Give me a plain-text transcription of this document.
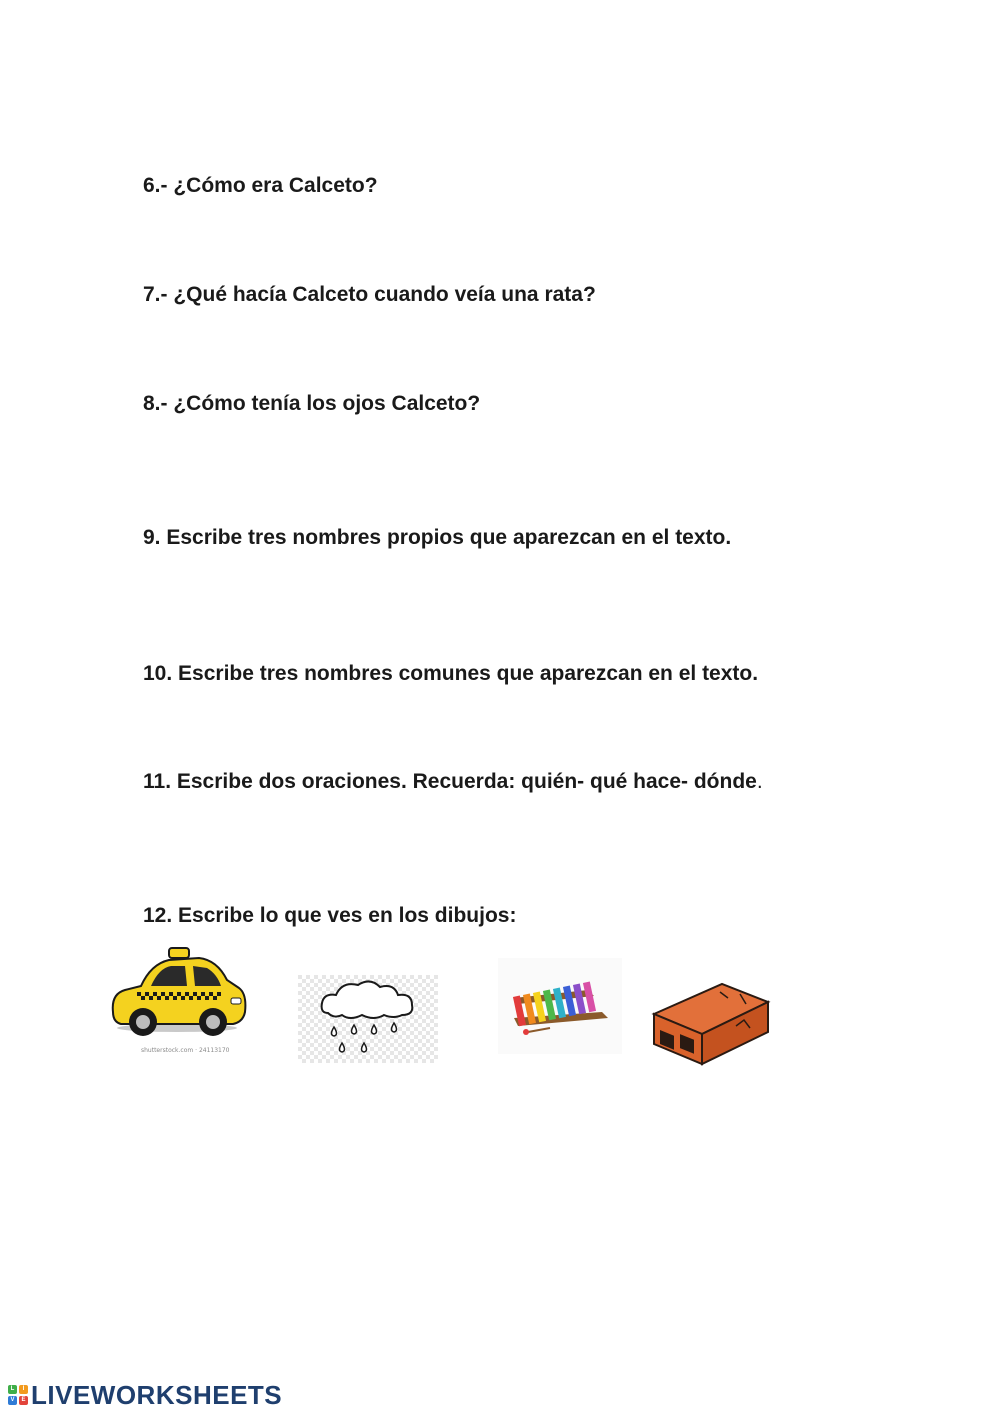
6.- ¿Cómo era Calceto?
7.- ¿Qué hacía Calceto cuando veía una rata?
8.- ¿Cómo tenía los ojos Calceto?
9. Escribe tres nombres propios que aparezcan en el texto.
10. Escribe tres nombres comunes que aparezcan en el texto.
11. Escribe dos oraciones. Recuerda: quién- qué hace- dónde.
12. Escribe lo que ves en los dibujos:
shutterstock.com · 24113170
L	I
V	E LIVEWORKSHEETS
